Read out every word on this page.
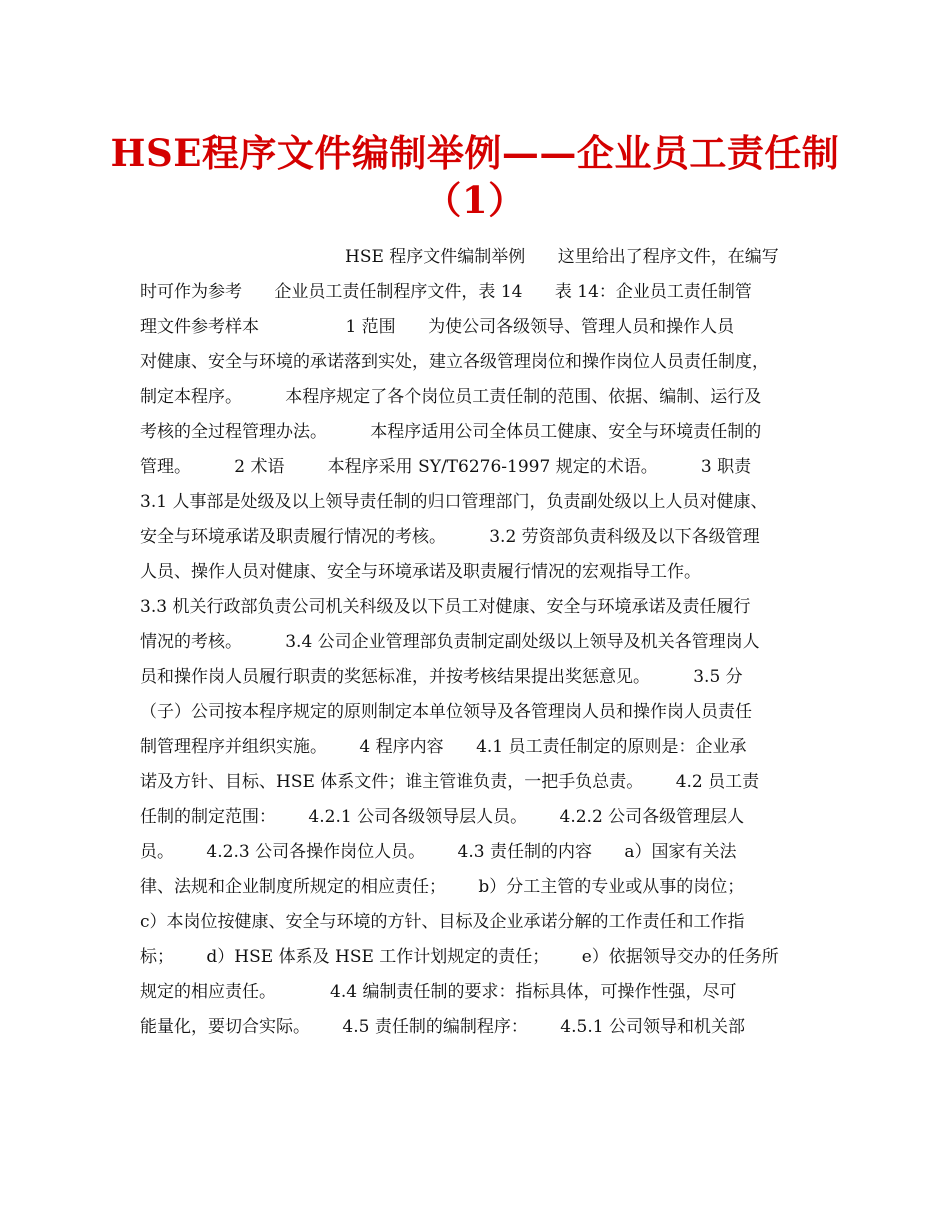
HSE程序文件编制举例——企业员工责任制
（1）
HSE 程序文件编制举例      这里给出了程序文件，在编写
时可作为参考      企业员工责任制程序文件，表 14      表 14：企业员工责任制管
理文件参考样本                1 范围      为使公司各级领导、管理人员和操作人员
对健康、安全与环境的承诺落到实处，建立各级管理岗位和操作岗位人员责任制度，
制定本程序。        本程序规定了各个岗位员工责任制的范围、依据、编制、运行及
考核的全过程管理办法。        本程序适用公司全体员工健康、安全与环境责任制的
管理。        2 术语        本程序采用 SY/T6276-1997 规定的术语。        3 职责
3.1 人事部是处级及以上领导责任制的归口管理部门，负责副处级以上人员对健康、
安全与环境承诺及职责履行情况的考核。        3.2 劳资部负责科级及以下各级管理
人员、操作人员对健康、安全与环境承诺及职责履行情况的宏观指导工作。
3.3 机关行政部负责公司机关科级及以下员工对健康、安全与环境承诺及责任履行
情况的考核。        3.4 公司企业管理部负责制定副处级以上领导及机关各管理岗人
员和操作岗人员履行职责的奖惩标准，并按考核结果提出奖惩意见。        3.5 分
（子）公司按本程序规定的原则制定本单位领导及各管理岗人员和操作岗人员责任
制管理程序并组织实施。      4 程序内容      4.1 员工责任制定的原则是：企业承
诺及方针、目标、HSE 体系文件；谁主管谁负责，一把手负总责。      4.2 员工责
任制的制定范围：      4.2.1 公司各级领导层人员。      4.2.2 公司各级管理层人
员。      4.2.3 公司各操作岗位人员。      4.3 责任制的内容      a）国家有关法
律、法规和企业制度所规定的相应责任；      b）分工主管的专业或从事的岗位；
c）本岗位按健康、安全与环境的方针、目标及企业承诺分解的工作责任和工作指
标；      d）HSE 体系及 HSE 工作计划规定的责任；      e）依据领导交办的任务所
规定的相应责任。          4.4 编制责任制的要求：指标具体，可操作性强，尽可
能量化，要切合实际。      4.5 责任制的编制程序：      4.5.1 公司领导和机关部
